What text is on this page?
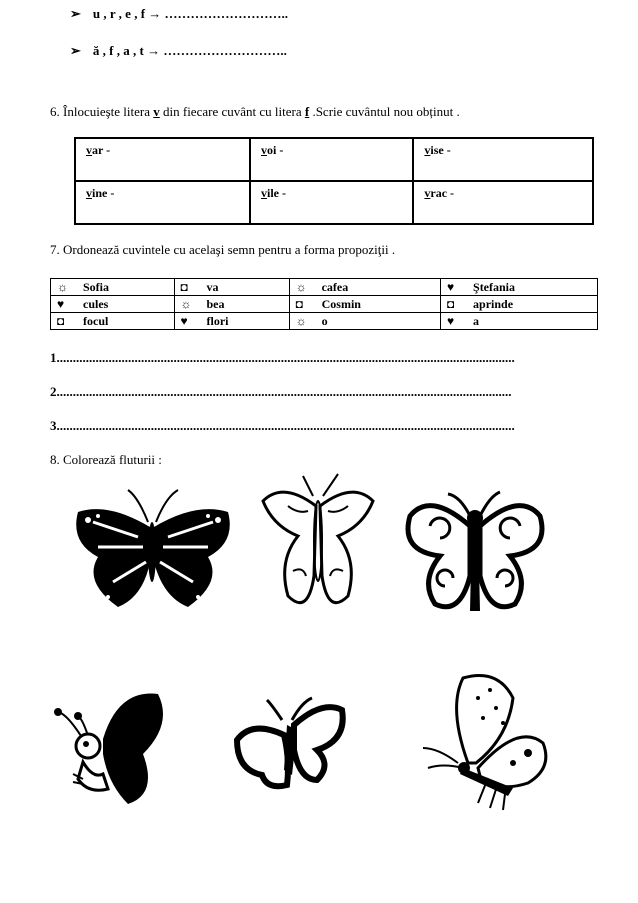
➢ u , r , e , f → ………………………..
➢ ă , f , a , t → ………………………..
6. Înlocuieşte litera v din fiecare cuvânt cu litera f .Scrie cuvântul nou obținut .
var -	voi -	vise -
vine -	vile -	vrac -
7. Ordonează cuvintele cu acelaşi semn pentru a forma propoziţii .
☼ Sofia	◘ va	☼ cafea	♥ Ştefania
♥ cules	☼ bea	◘ Cosmin	◘ aprinde
◘ focul	♥ flori	☼ o	♥ a
1.............................................................................................................................................
2............................................................................................................................................
3.............................................................................................................................................
8. Colorează fluturii :
